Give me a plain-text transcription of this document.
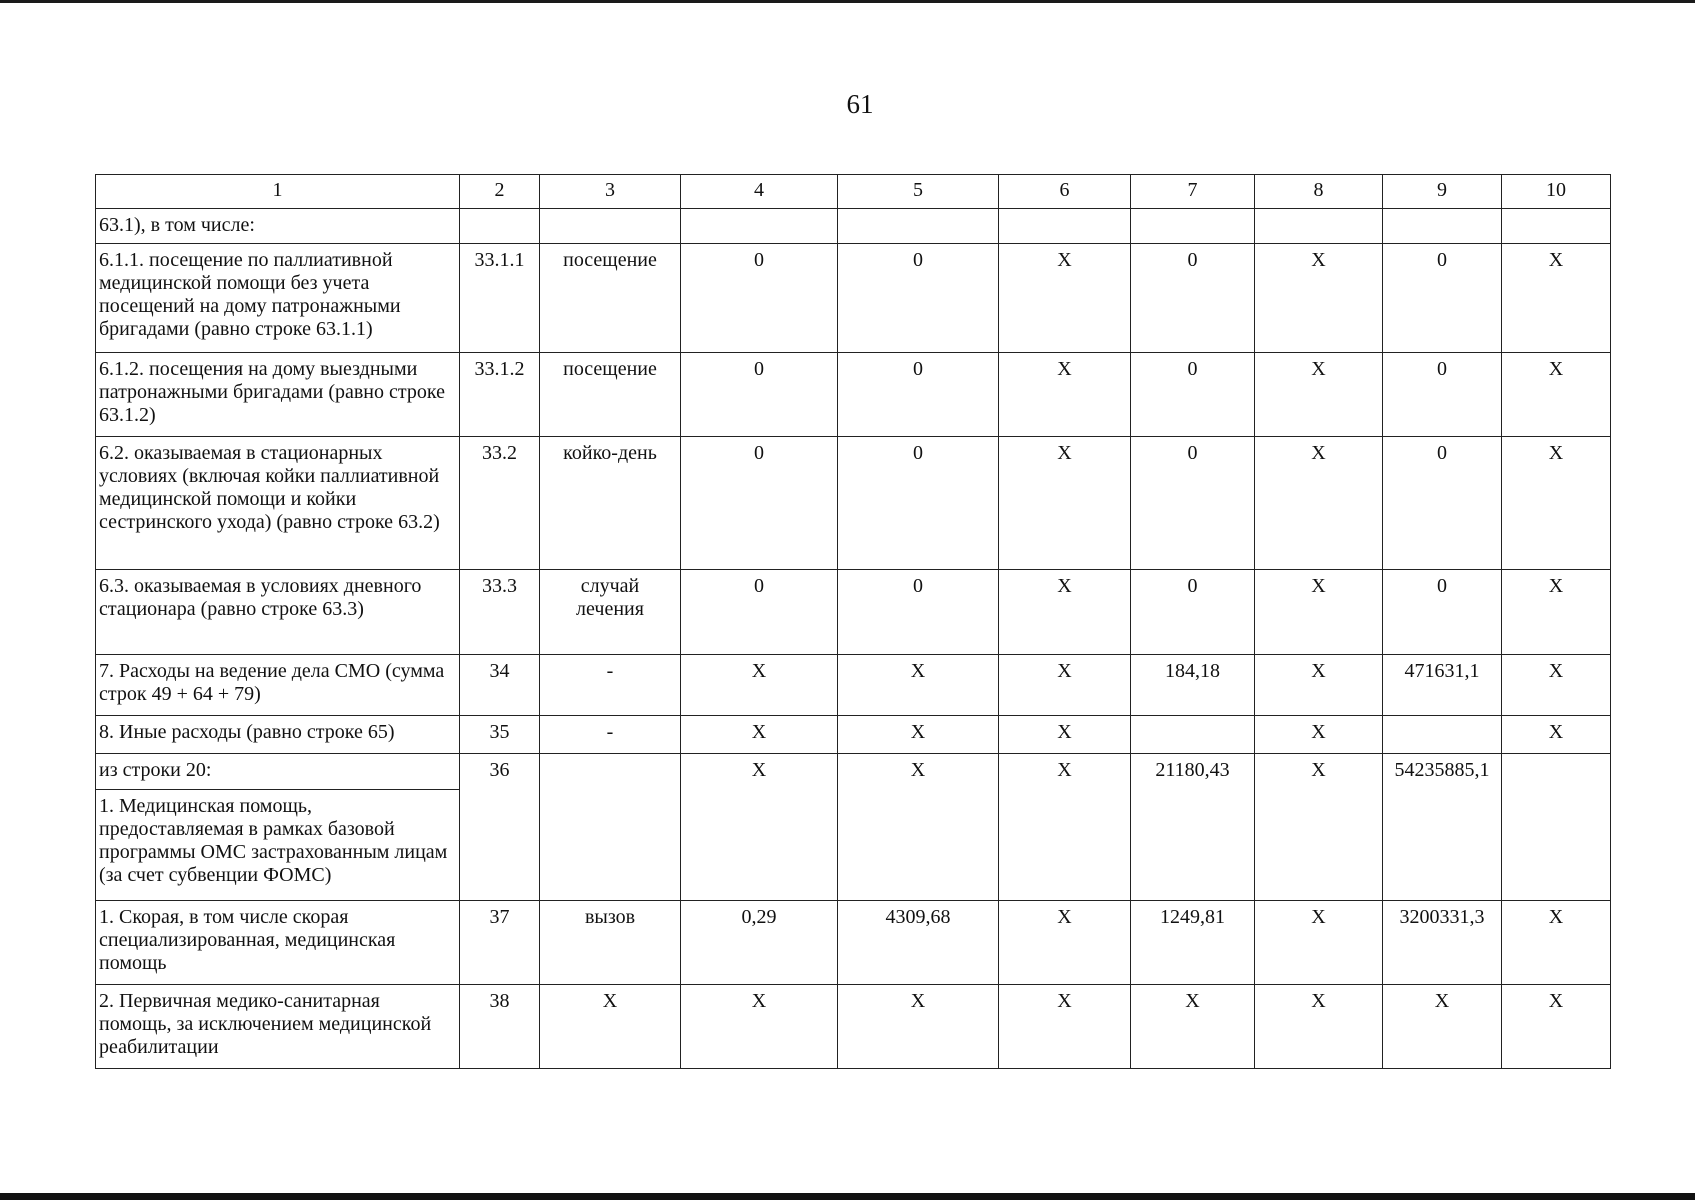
61
1	2	3	4	5	6	7	8	9	10
63.1), в том числе:									
6.1.1. посещение по паллиативной медицинской помощи без учета посещений на дому патронажными бригадами (равно строке 63.1.1)	33.1.1	посещение	0	0	X	0	X	0	X
6.1.2. посещения на дому выездными патронажными бригадами (равно строке 63.1.2)	33.1.2	посещение	0	0	X	0	X	0	X
6.2. оказываемая в стационарных условиях (включая койки паллиативной медицинской помощи и койки сестринского ухода) (равно строке 63.2)	33.2	койко-день	0	0	X	0	X	0	X
6.3. оказываемая в условиях дневного стационара (равно строке 63.3)	33.3	случай лечения	0	0	X	0	X	0	X
7. Расходы на ведение дела СМО (сумма строк 49 + 64 + 79)	34	-	X	X	X	184,18	X	471631,1	X
8. Иные расходы (равно строке 65)	35	-	X	X	X		X		X
из строки 20:	36		X	X	X	21180,43	X	54235885,1	
1. Медицинская помощь, предоставляемая в рамках базовой программы ОМС застрахованным лицам (за счет субвенции ФОМС)									
1. Скорая, в том числе скорая специализированная, медицинская помощь	37	вызов	0,29	4309,68	X	1249,81	X	3200331,3	X
2. Первичная медико-санитарная помощь, за исключением медицинской реабилитации	38	X	X	X	X	X	X	X	X
